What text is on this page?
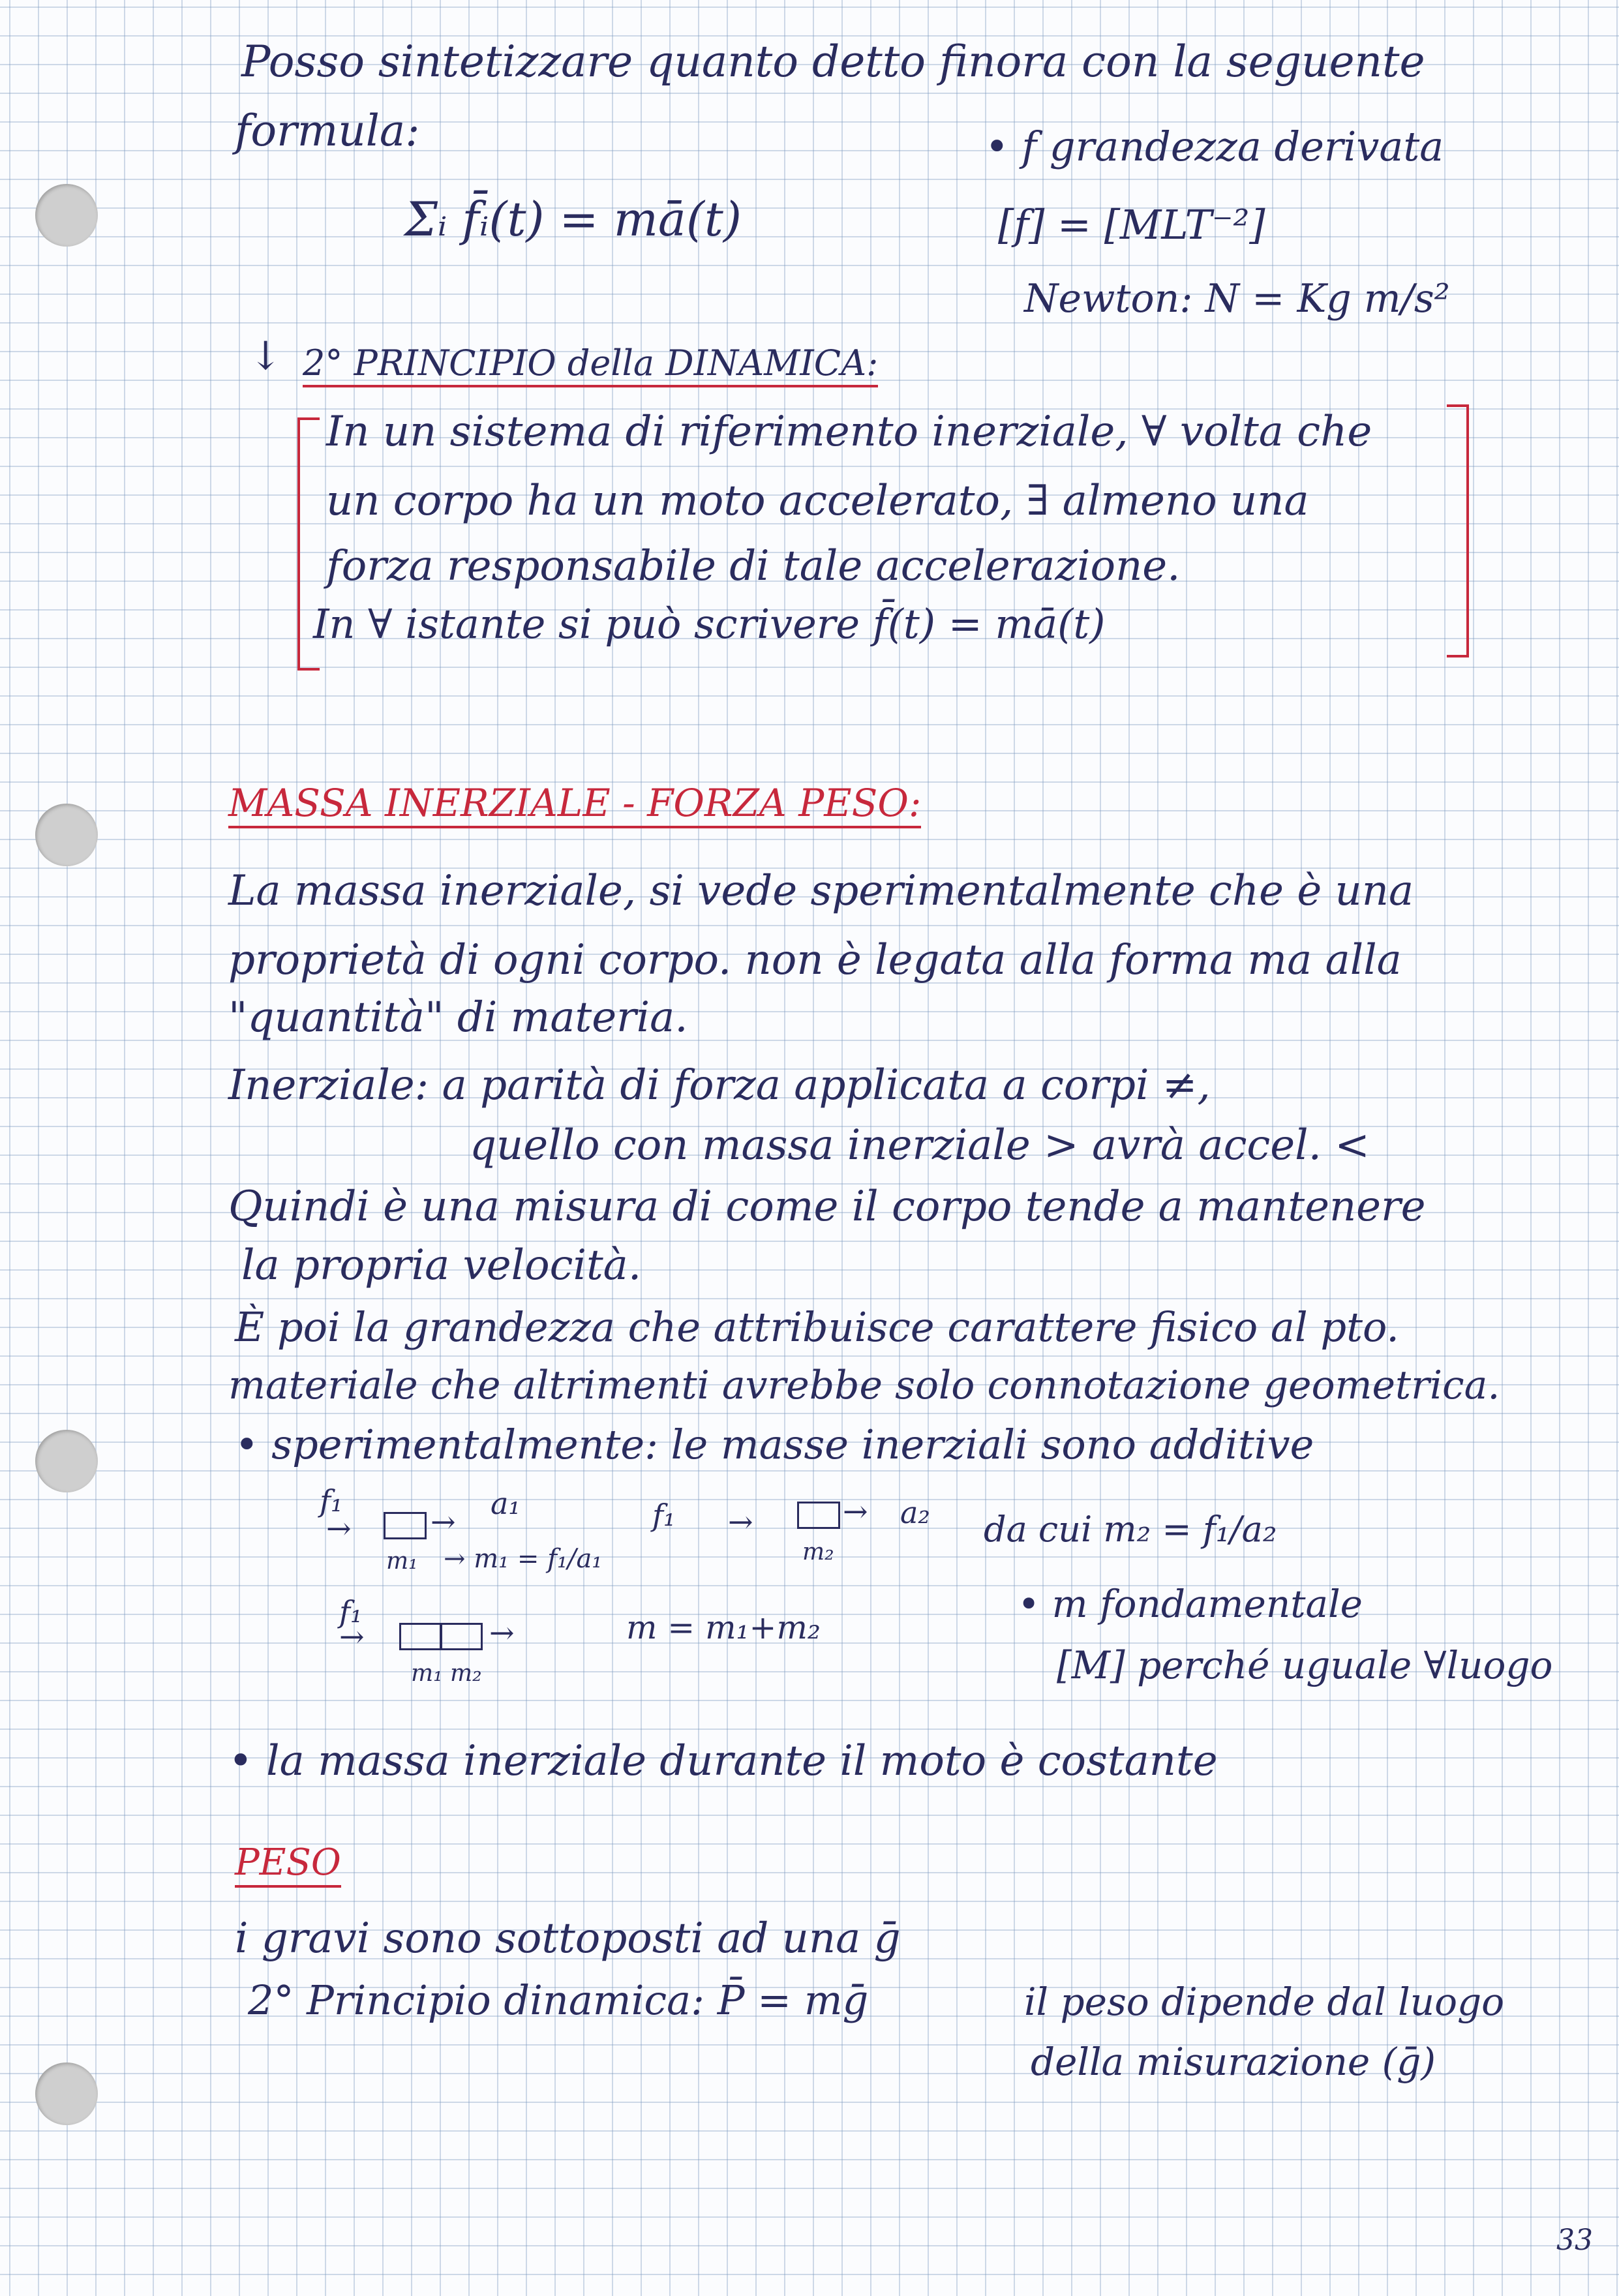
Posso sintetizzare quanto detto finora con la seguente
formula:
Σᵢ f̄ᵢ(t) = mā(t)
• f grandezza derivata
[f] = [MLT⁻²]
Newton: N = Kg m/s²
↓ 2° PRINCIPIO della DINAMICA:
In un sistema di riferimento inerziale, ∀ volta che
un corpo ha un moto accelerato, ∃ almeno una
forza responsabile di tale accelerazione.
In ∀ istante si può scrivere f̄(t) = mā(t)
MASSA INERZIALE - FORZA PESO:
La massa inerziale, si vede sperimentalmente che è una
proprietà di ogni corpo. non è legata alla forma ma alla
"quantità" di materia.
Inerziale: a parità di forza applicata a corpi ≠,
quello con massa inerziale > avrà accel. <
Quindi è una misura di come il corpo tende a mantenere
la propria velocità.
È poi la grandezza che attribuisce carattere fisico al pto.
materiale che altrimenti avrebbe solo connotazione geometrica.
• sperimentalmente: le masse inerziali sono additive
f₁
→	→
a₁
m₁ → m₁ = f₁/a₁
f₁ →	→ a₂
m₂
da cui m₂ = f₁/a₂
f₁
→	→
m₁ m₂
m = m₁+m₂
• m fondamentale
[M] perché uguale ∀luogo
• la massa inerziale durante il moto è costante
PESO
i gravi sono sottoposti ad una ḡ
2° Principio dinamica: P̄ = mḡ	il peso dipende dal luogo
della misurazione (ḡ)
33
